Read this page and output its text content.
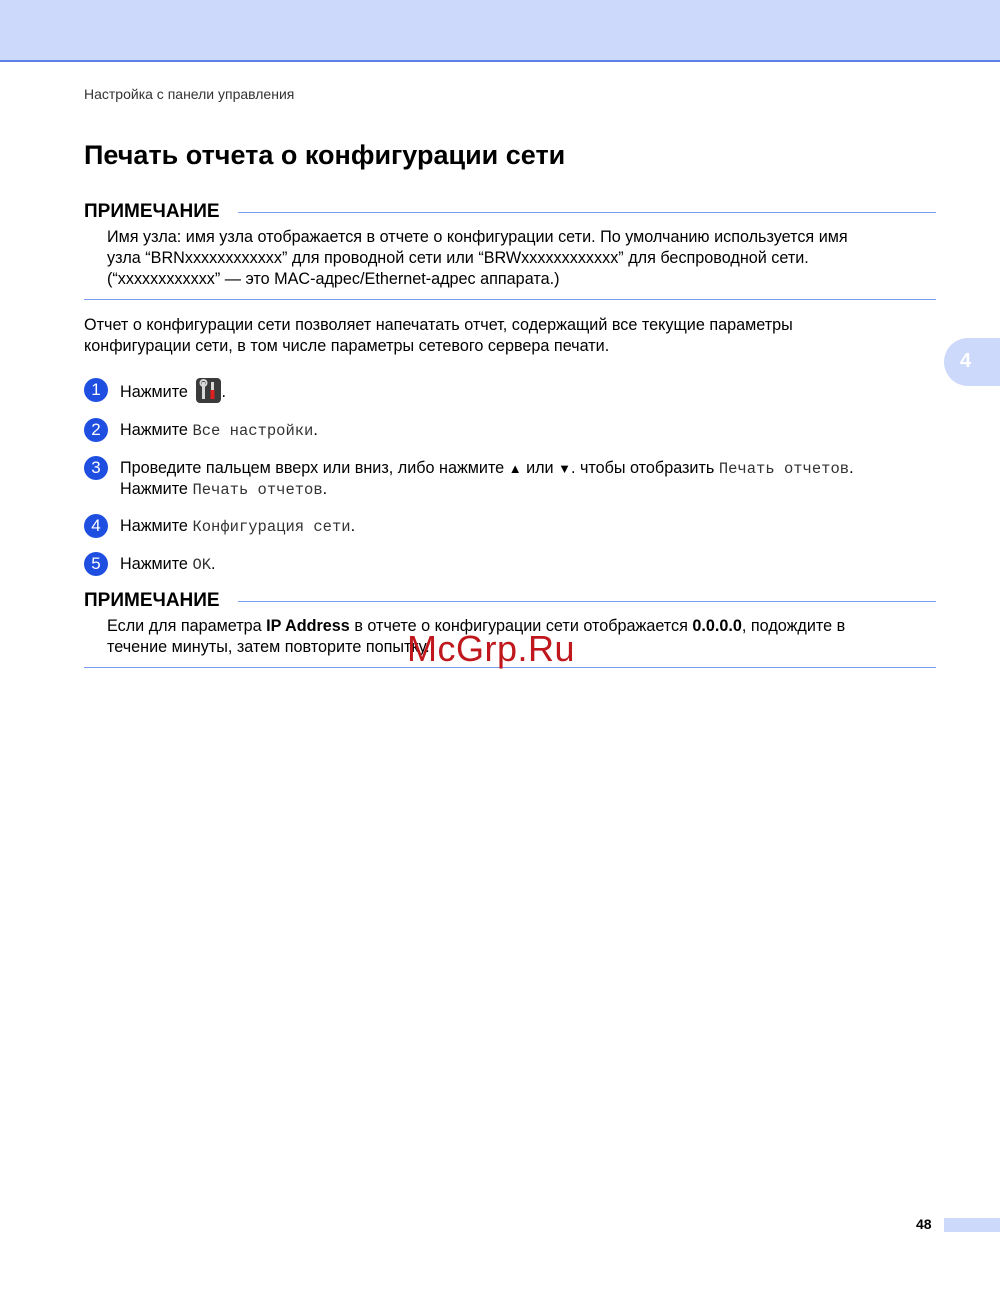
Настройка с панели управления
Печать отчета о конфигурации сети
ПРИМЕЧАНИЕ
Имя узла: имя узла отображается в отчете о конфигурации сети. По умолчанию используется имя
узла “BRNxxxxxxxxxxxx” для проводной сети или “BRWxxxxxxxxxxxx” для беспроводной сети.
(“xxxxxxxxxxxx” — это MAC-адрес/Ethernet-адрес аппарата.)
Отчет о конфигурации сети позволяет напечатать отчет, содержащий все текущие параметры
конфигурации сети, в том числе параметры сетевого сервера печати.
1	Нажмите .
2	Нажмите Все настройки.
3	Проведите пальцем вверх или вниз, либо нажмите ▲ или ▼. чтобы отобразить Печать отчетов.
Нажмите Печать отчетов.
4	Нажмите Конфигурация сети.
5	Нажмите OK.
ПРИМЕЧАНИЕ
Если для параметра IP Address в отчете о конфигурации сети отображается 0.0.0.0, подождите в
течение минуты, затем повторите попытку.
McGrp.Ru
4
48
